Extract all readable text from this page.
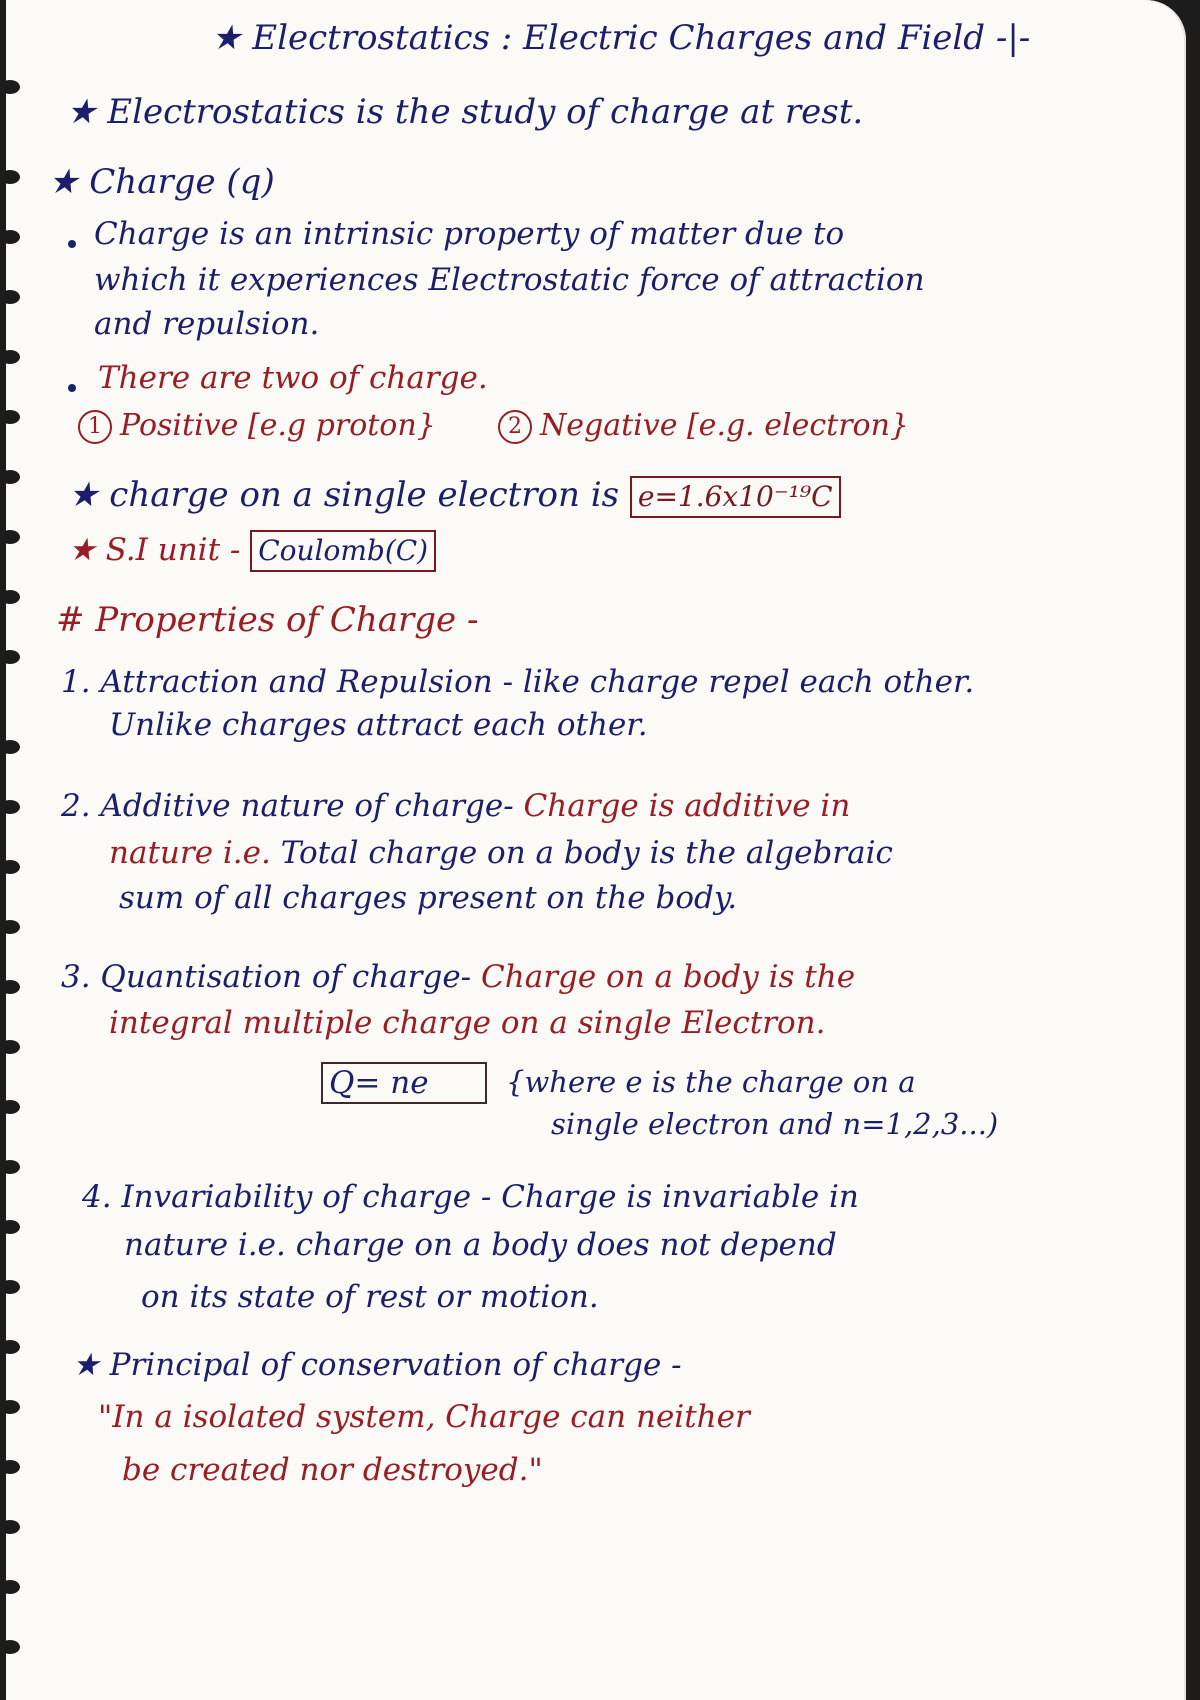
★ Electrostatics : Electric Charges and Field -|-
★ Electrostatics is the study of charge at rest.
★ Charge (q)
Charge is an intrinsic property of matter due to
which it experiences Electrostatic force of attraction
and repulsion.
There are two of charge.
1 Positive [e.g proton}	2 Negative [e.g. electron}
★ charge on a single electron is e=1.6x10⁻¹⁹C
★ S.I unit - Coulomb(C)
# Properties of Charge -
1. Attraction and Repulsion - like charge repel each other.
Unlike charges attract each other.
2. Additive nature of charge- Charge is additive in
nature i.e. Total charge on a body is the algebraic
sum of all charges present on the body.
3. Quantisation of charge- Charge on a body is the
integral multiple charge on a single Electron.
Q= ne	{where e is the charge on a
single electron and n=1,2,3...)
4. Invariability of charge - Charge is invariable in
nature i.e. charge on a body does not depend
on its state of rest or motion.
★ Principal of conservation of charge -
"In a isolated system, Charge can neither
be created nor destroyed."
